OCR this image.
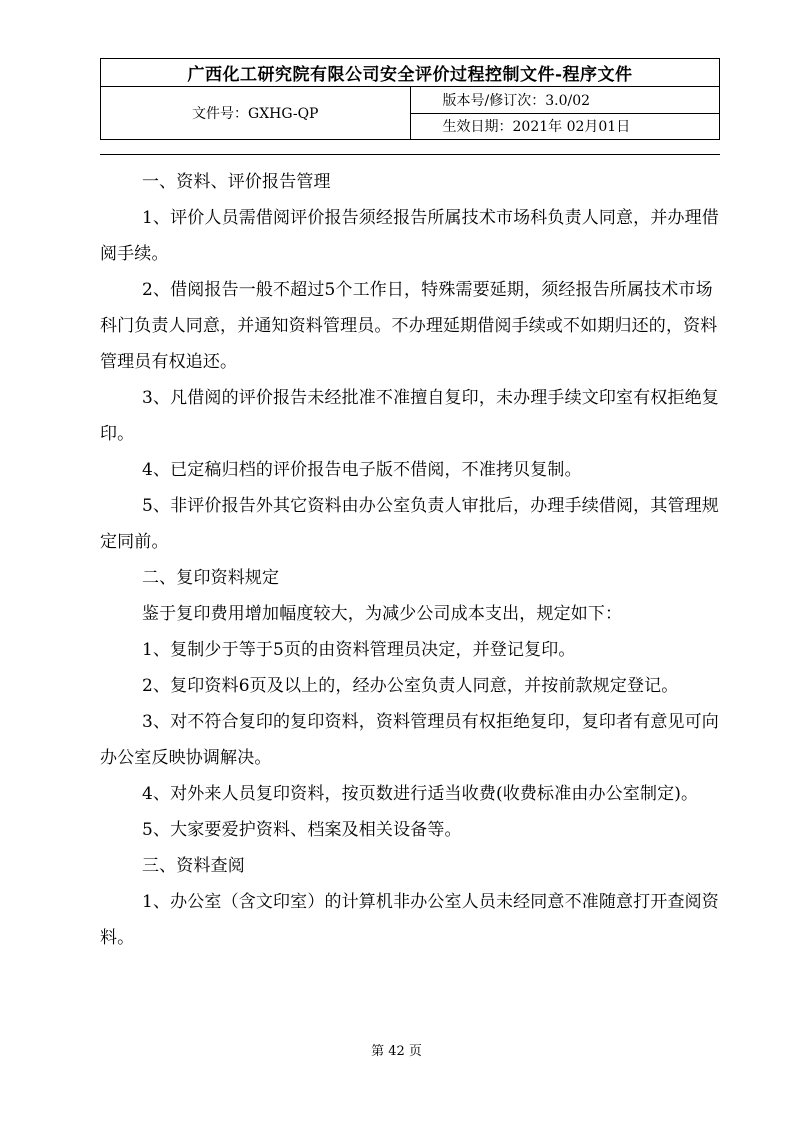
广西化工研究院有限公司安全评价过程控制文件-程序文件
文件号：GXHG-QP	版本号/修订次：3.0/02
生效日期：2021年 02月01日

一、资料、评价报告管理

1、评价人员需借阅评价报告须经报告所属技术市场科负责人同意，并办理借阅手续。

2、借阅报告一般不超过5个工作日，特殊需要延期，须经报告所属技术市场科门负责人同意，并通知资料管理员。不办理延期借阅手续或不如期归还的，资料管理员有权追还。

3、凡借阅的评价报告未经批准不准擅自复印，未办理手续文印室有权拒绝复印。

4、已定稿归档的评价报告电子版不借阅，不准拷贝复制。

5、非评价报告外其它资料由办公室负责人审批后，办理手续借阅，其管理规定同前。

二、复印资料规定

鉴于复印费用增加幅度较大，为减少公司成本支出，规定如下：

1、复制少于等于5页的由资料管理员决定，并登记复印。

2、复印资料6页及以上的，经办公室负责人同意，并按前款规定登记。

3、对不符合复印的复印资料，资料管理员有权拒绝复印，复印者有意见可向办公室反映协调解决。

4、对外来人员复印资料，按页数进行适当收费(收费标准由办公室制定)。

5、大家要爱护资料、档案及相关设备等。

三、资料查阅

1、办公室（含文印室）的计算机非办公室人员未经同意不准随意打开查阅资料。

第 42 页
